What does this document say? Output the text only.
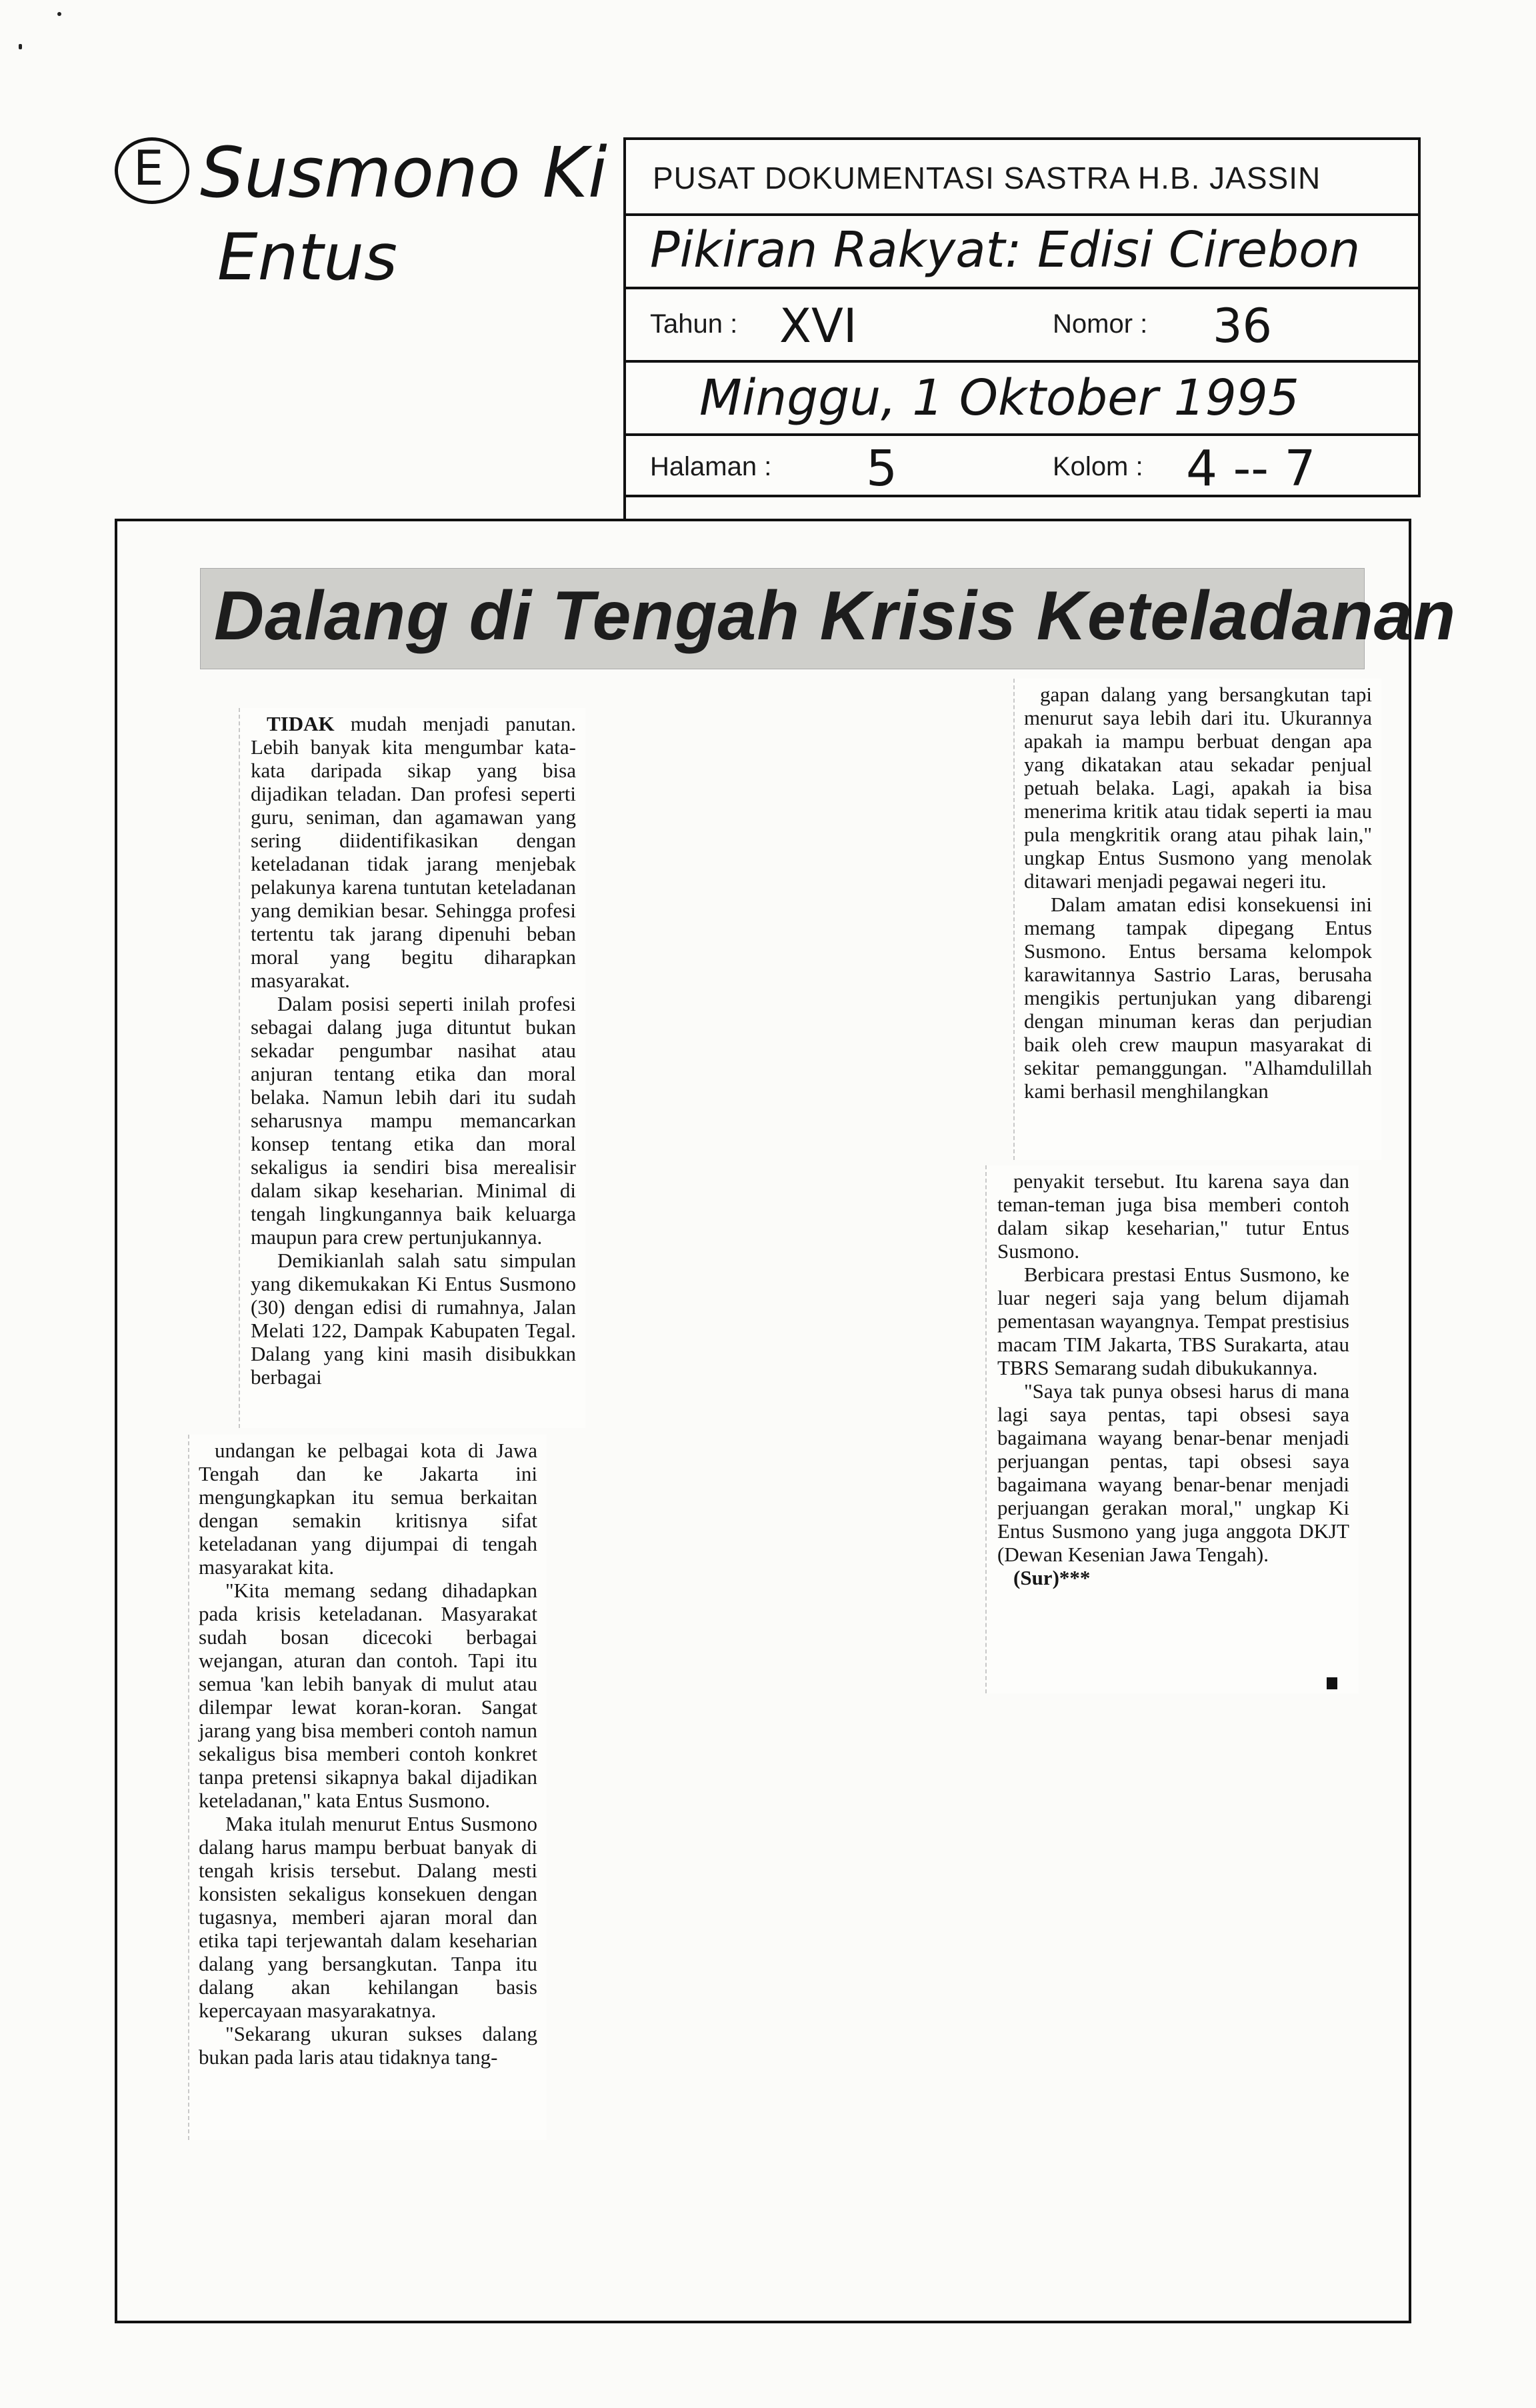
E Susmono Ki
Entus
PUSAT DOKUMENTASI SASTRA H.B. JASSIN
Pikiran Rakyat: Edisi Cirebon
Tahun : XVI	Nomor : 36
Minggu, 1 Oktober 1995
Halaman : 5	Kolom : 4 -- 7
Dalang di Tengah Krisis Keteladanan

TIDAK mudah menjadi panutan. Lebih banyak kita mengumbar kata-kata daripada sikap yang bisa dijadikan teladan. Dan profesi seperti guru, seniman, dan agamawan yang sering diidentifikasikan dengan keteladanan tidak jarang menjebak pelakunya karena tuntutan keteladanan yang demikian besar. Sehingga profesi tertentu tak jarang dipenuhi beban moral yang begitu diharapkan masyarakat.

Dalam posisi seperti inilah profesi sebagai dalang juga dituntut bukan sekadar pengumbar nasihat atau anjuran tentang etika dan moral belaka. Namun lebih dari itu sudah seharusnya mampu memancarkan konsep tentang etika dan moral sekaligus ia sendiri bisa merealisir dalam sikap keseharian. Minimal di tengah lingkungannya baik keluarga maupun para crew pertunjukannya.

Demikianlah salah satu simpulan yang dikemukakan Ki Entus Susmono (30) dengan edisi di rumahnya, Jalan Melati 122, Dampak Kabupaten Tegal. Dalang yang kini masih disibukkan berbagai

undangan ke pelbagai kota di Jawa Tengah dan ke Jakarta ini mengungkapkan itu semua berkaitan dengan semakin kritisnya sifat keteladanan yang dijumpai di tengah masyarakat kita.

"Kita memang sedang dihadapkan pada krisis keteladanan. Masyarakat sudah bosan dicecoki berbagai wejangan, aturan dan contoh. Tapi itu semua 'kan lebih banyak di mulut atau dilempar lewat koran-koran. Sangat jarang yang bisa memberi contoh namun sekaligus bisa memberi contoh konkret tanpa pretensi sikapnya bakal dijadikan keteladanan," kata Entus Susmono.

Maka itulah menurut Entus Susmono dalang harus mampu berbuat banyak di tengah krisis tersebut. Dalang mesti konsisten sekaligus konsekuen dengan tugasnya, memberi ajaran moral dan etika tapi terjewantah dalam keseharian dalang yang bersangkutan. Tanpa itu dalang akan kehilangan basis kepercayaan masyarakatnya.

"Sekarang ukuran sukses dalang bukan pada laris atau tidaknya tang-

gapan dalang yang bersangkutan tapi menurut saya lebih dari itu. Ukurannya apakah ia mampu berbuat dengan apa yang dikatakan atau sekadar penjual petuah belaka. Lagi, apakah ia bisa menerima kritik atau tidak seperti ia mau pula mengkritik orang atau pihak lain," ungkap Entus Susmono yang menolak ditawari menjadi pegawai negeri itu.

Dalam amatan edisi konsekuensi ini memang tampak dipegang Entus Susmono. Entus bersama kelompok karawitannya Sastrio Laras, berusaha mengikis pertunjukan yang dibarengi dengan minuman keras dan perjudian baik oleh crew maupun masyarakat di sekitar pemanggungan. "Alhamdulillah kami berhasil menghilangkan

penyakit tersebut. Itu karena saya dan teman-teman juga bisa memberi contoh dalam sikap keseharian," tutur Entus Susmono.

Berbicara prestasi Entus Susmono, ke luar negeri saja yang belum dijamah pementasan wayangnya. Tempat prestisius macam TIM Jakarta, TBS Surakarta, atau TBRS Semarang sudah dibukukannya.

"Saya tak punya obsesi harus di mana lagi saya pentas, tapi obsesi saya bagaimana wayang benar-benar menjadi perjuangan pentas, tapi obsesi saya bagaimana wayang benar-benar menjadi perjuangan gerakan moral," ungkap Ki Entus Susmono yang juga anggota DKJT (Dewan Kesenian Jawa Tengah).

(Sur)***
